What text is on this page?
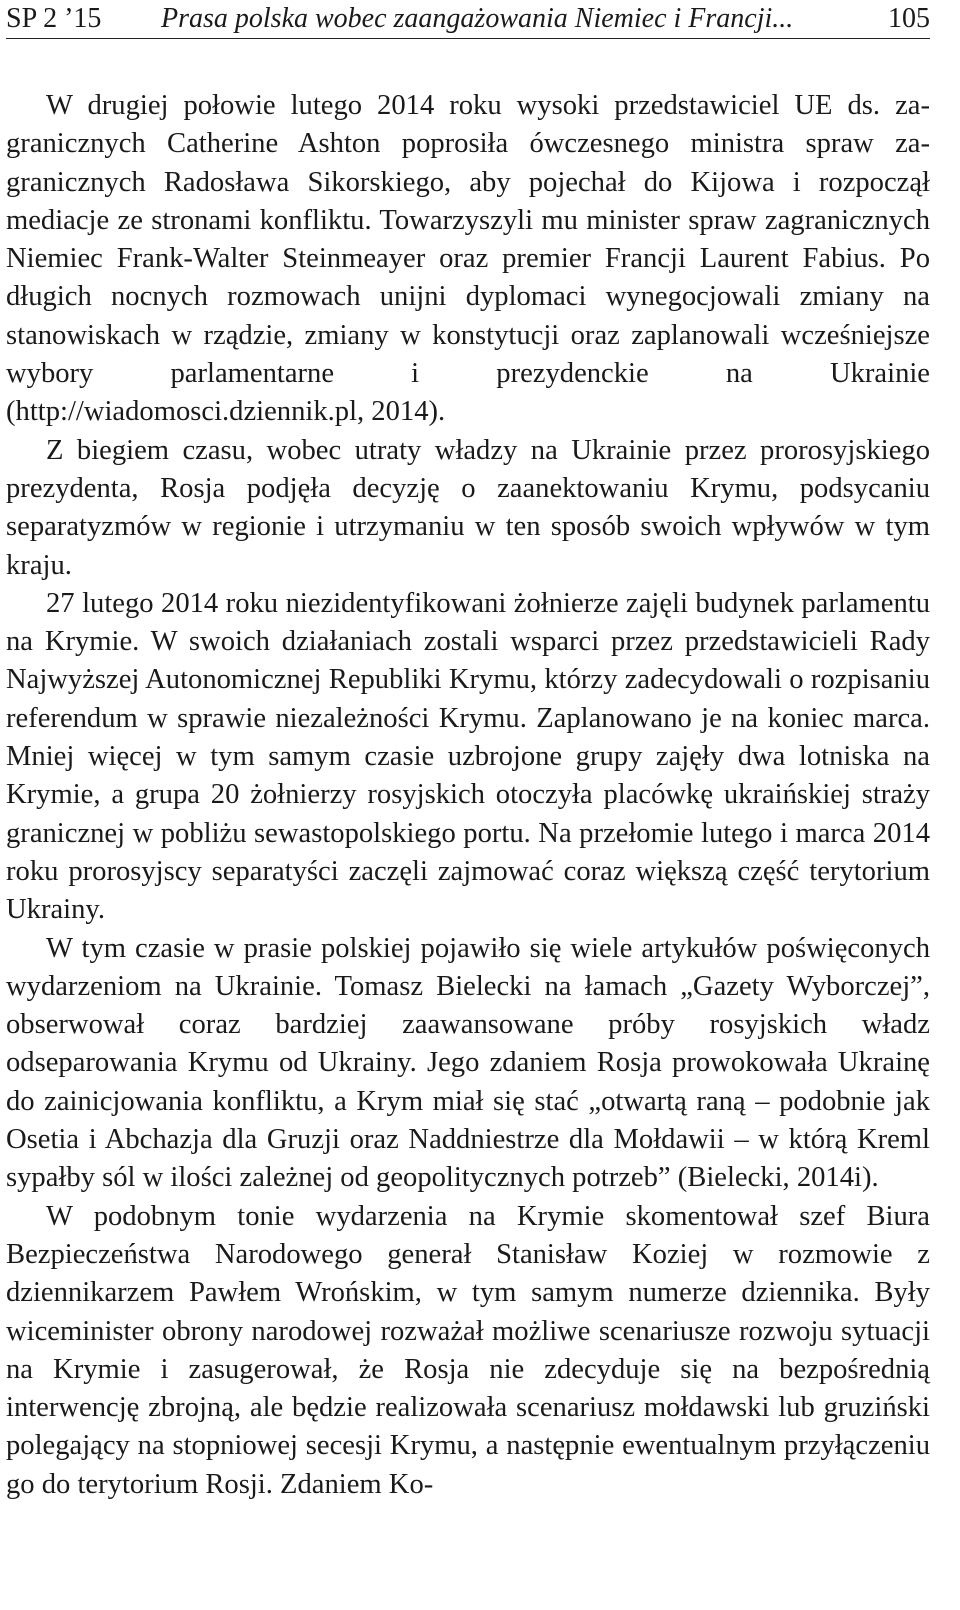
SP 2 ’15 Prasa polska wobec zaangażowania Niemiec i Francji...	105

W drugiej połowie lutego 2014 roku wysoki przedstawiciel UE ds. zagranicznych Catherine Ashton poprosiła ówczesnego ministra spraw zagranicznych Radosława Sikorskiego, aby pojechał do Kijowa i rozpoczął mediacje ze stronami konfliktu. Towarzyszyli mu minister spraw zagranicznych Niemiec Frank-Walter Steinmeayer oraz premier Francji Laurent Fabius. Po długich nocnych rozmowach unijni dyplomaci wynegocjowali zmiany na stanowiskach w rządzie, zmiany w konstytucji oraz zaplanowali wcześniejsze wybory parlamentarne i prezydenckie na Ukrainie (http://wiadomosci.dziennik.pl, 2014).

Z biegiem czasu, wobec utraty władzy na Ukrainie przez prorosyjskiego prezydenta, Rosja podjęła decyzję o zaanektowaniu Krymu, podsycaniu separatyzmów w regionie i utrzymaniu w ten sposób swoich wpływów w tym kraju.

27 lutego 2014 roku niezidentyfikowani żołnierze zajęli budynek parlamentu na Krymie. W swoich działaniach zostali wsparci przez przedstawicieli Rady Najwyższej Autonomicznej Republiki Krymu, którzy zadecydowali o rozpisaniu referendum w sprawie niezależności Krymu. Zaplanowano je na koniec marca. Mniej więcej w tym samym czasie uzbrojone grupy zajęły dwa lotniska na Krymie, a grupa 20 żołnierzy rosyjskich otoczyła placówkę ukraińskiej straży granicznej w pobliżu sewastopolskiego portu. Na przełomie lutego i marca 2014 roku prorosyjscy separatyści zaczęli zajmować coraz większą część terytorium Ukrainy.

W tym czasie w prasie polskiej pojawiło się wiele artykułów poświęconych wydarzeniom na Ukrainie. Tomasz Bielecki na łamach „Gazety Wyborczej”, obserwował coraz bardziej zaawansowane próby rosyjskich władz odseparowania Krymu od Ukrainy. Jego zdaniem Rosja prowokowała Ukrainę do zainicjowania konfliktu, a Krym miał się stać „otwartą raną – podobnie jak Osetia i Abchazja dla Gruzji oraz Naddniestrze dla Mołdawii – w którą Kreml sypałby sól w ilości zależnej od geopolitycznych potrzeb” (Bielecki, 2014i).

W podobnym tonie wydarzenia na Krymie skomentował szef Biura Bezpieczeństwa Narodowego generał Stanisław Koziej w rozmowie z dziennikarzem Pawłem Wrońskim, w tym samym numerze dziennika. Były wiceminister obrony narodowej rozważał możliwe scenariusze rozwoju sytuacji na Krymie i zasugerował, że Rosja nie zdecyduje się na bezpośrednią interwencję zbrojną, ale będzie realizowała scenariusz mołdawski lub gruziński polegający na stopniowej secesji Krymu, a następnie ewentualnym przyłączeniu go do terytorium Rosji. Zdaniem Ko-
